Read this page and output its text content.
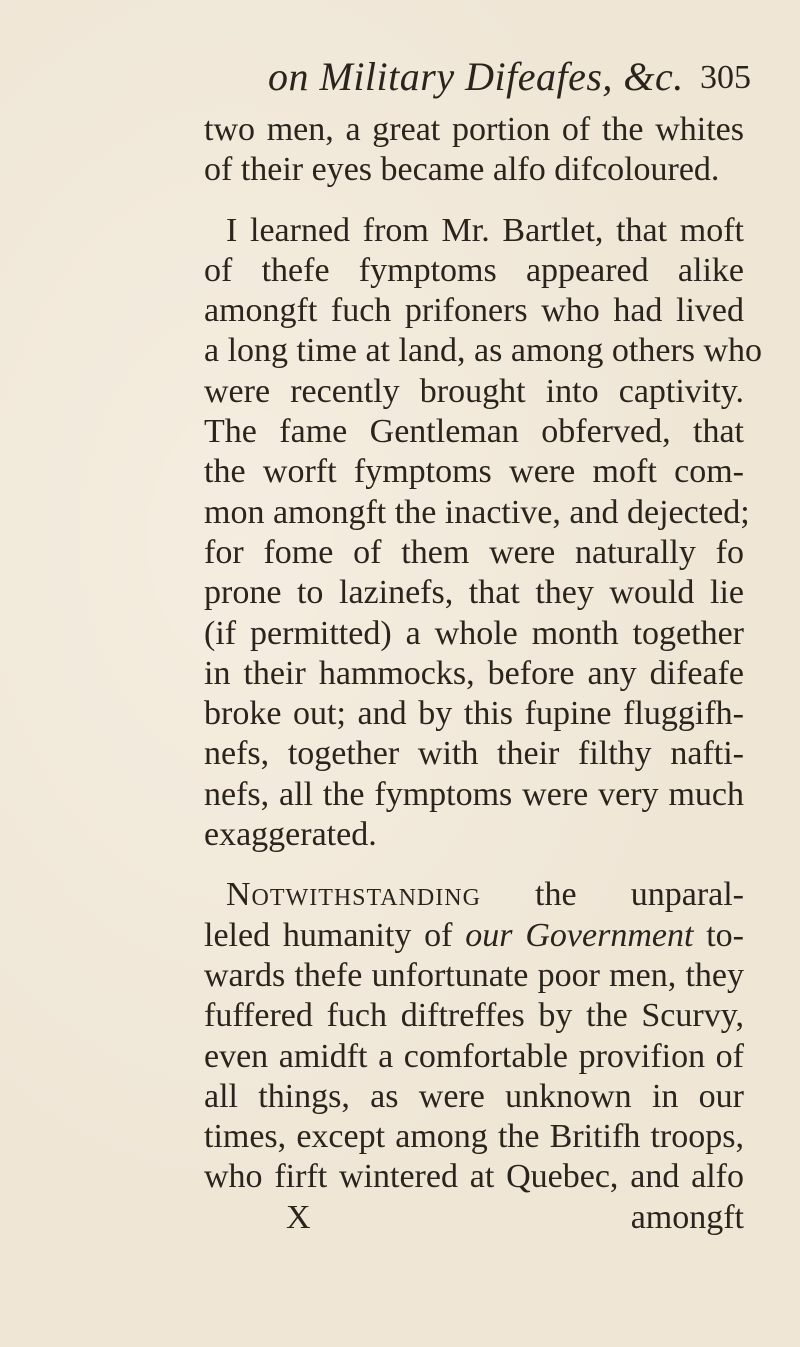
on Military Difeafes, &c. 305
two men, a great portion of the whites
of their eyes became alfo difcoloured.
I learned from Mr. Bartlet, that moft
of thefe fymptoms appeared alike
amongft fuch prifoners who had lived
a long time at land, as among others who
were recently brought into captivity.
The fame Gentleman obferved, that
the worft fymptoms were moft com-
mon amongft the inactive, and dejected;
for fome of them were naturally fo
prone to lazinefs, that they would lie
(if permitted) a whole month together
in their hammocks, before any difeafe
broke out; and by this fupine fluggifh-
nefs, together with their filthy nafti-
nefs, all the fymptoms were very much
exaggerated.
Notwithstanding the unparal-
leled humanity of our Government to-
wards thefe unfortunate poor men, they
fuffered fuch diftreffes by the Scurvy,
even amidft a comfortable provifion of
all things, as were unknown in our
times, except among the Britifh troops,
who firft wintered at Quebec, and alfo
X	amongft
